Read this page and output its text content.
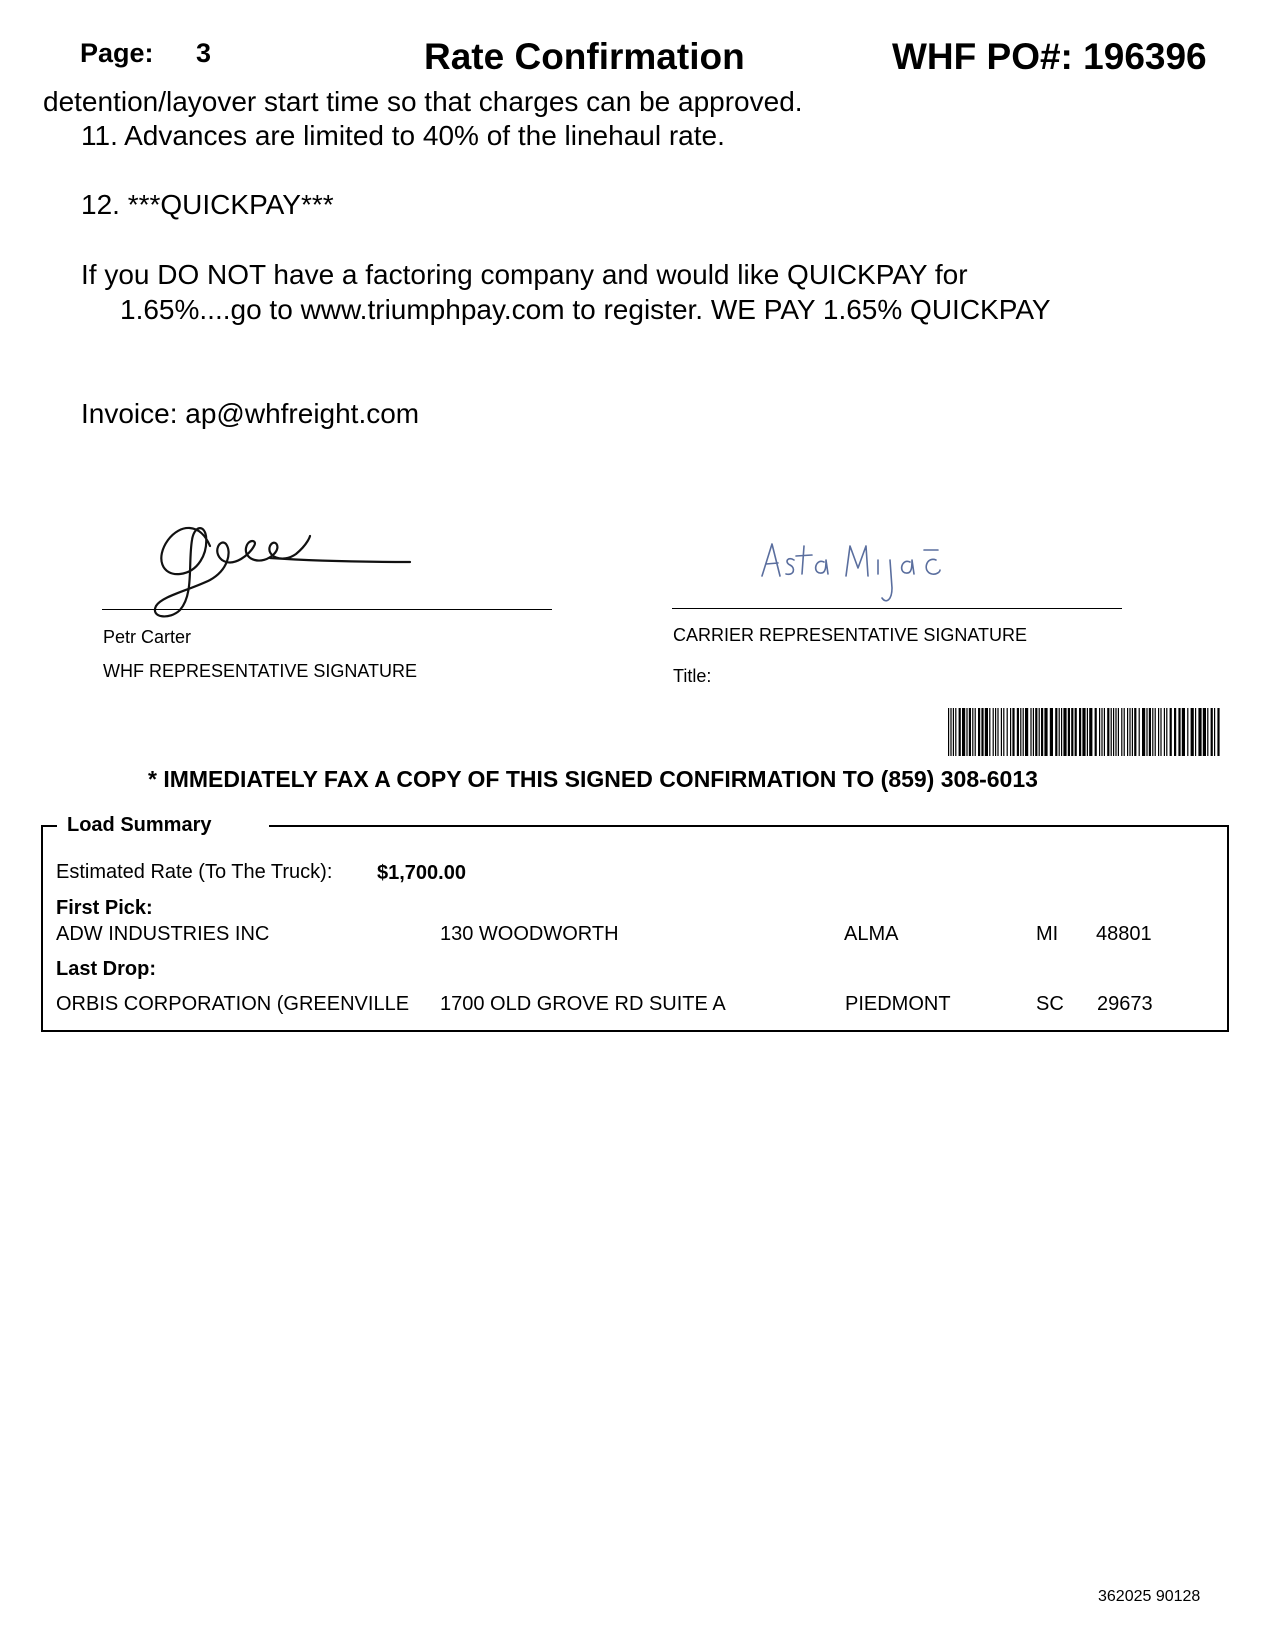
Page: 3	Rate Confirmation	WHF PO#: 196396
detention/layover start time so that charges can be approved.
11. Advances are limited to 40% of the linehaul rate.
12. ***QUICKPAY***
If you DO NOT have a factoring company and would like QUICKPAY for
1.65%....go to www.triumphpay.com to register. WE PAY 1.65% QUICKPAY
Invoice: ap@whfreight.com
Petr Carter
WHF REPRESENTATIVE SIGNATURE
CARRIER REPRESENTATIVE SIGNATURE
Title:
* IMMEDIATELY FAX A COPY OF THIS SIGNED CONFIRMATION TO (859) 308-6013
Load Summary
Estimated Rate (To The Truck): $1,700.00
First Pick:
ADW INDUSTRIES INC	130 WOODWORTH	ALMA	MI 48801
Last Drop:
ORBIS CORPORATION (GREENVILLE	1700 OLD GROVE RD SUITE A	PIEDMONT	SC 29673
362025 90128
